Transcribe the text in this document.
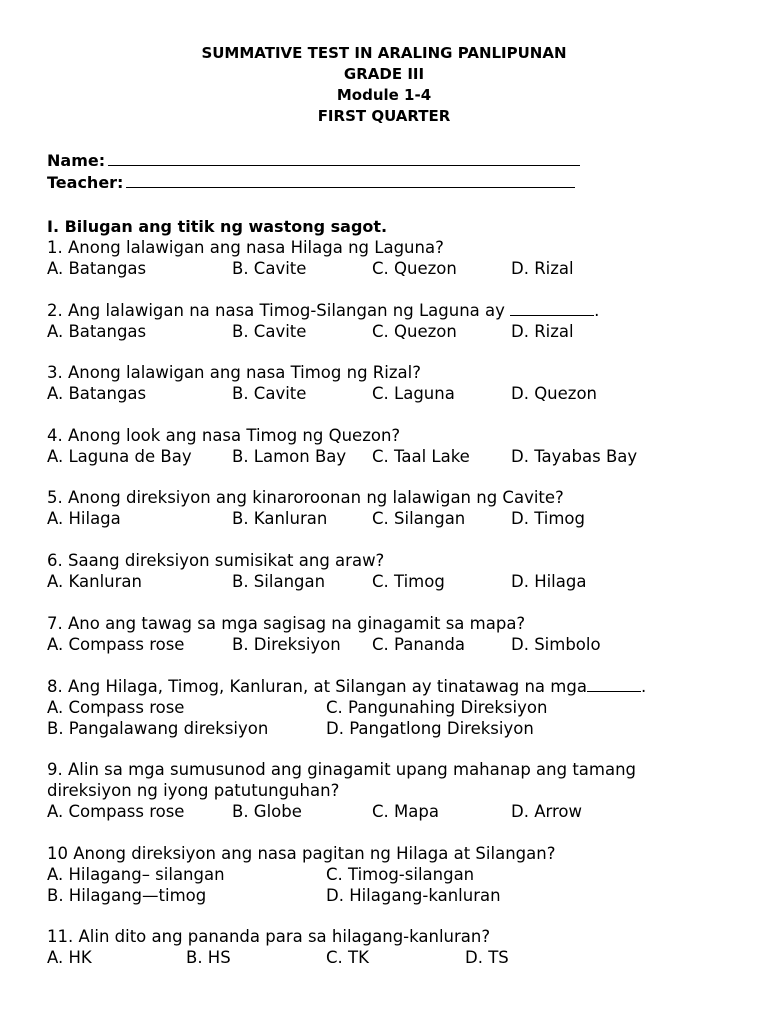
SUMMATIVE TEST IN ARALING PANLIPUNAN
GRADE III
Module 1-4
FIRST QUARTER
Name:
Teacher:
I. Bilugan ang titik ng wastong sagot.
1. Anong lalawigan ang nasa Hilaga ng Laguna?
A. Batangas	B. Cavite	C. Quezon	D. Rizal
2. Ang lalawigan na nasa Timog-Silangan ng Laguna ay	.
A. Batangas	B. Cavite	C. Quezon	D. Rizal
3. Anong lalawigan ang nasa Timog ng Rizal?
A. Batangas	B. Cavite	C. Laguna	D. Quezon
4. Anong look ang nasa Timog ng Quezon?
A. Laguna de Bay B. Lamon Bay C. Taal Lake D. Tayabas Bay
5. Anong direksiyon ang kinaroroonan ng lalawigan ng Cavite?
A. Hilaga	B. Kanluran	C. Silangan	D. Timog
6. Saang direksiyon sumisikat ang araw?
A. Kanluran	B. Silangan	C. Timog	D. Hilaga
7. Ano ang tawag sa mga sagisag na ginagamit sa mapa?
A. Compass rose	B. Direksiyon C. Pananda	D. Simbolo
8. Ang Hilaga, Timog, Kanluran, at Silangan ay tinatawag na mga	.
A. Compass rose	C. Pangunahing Direksiyon
B. Pangalawang direksiyon	D. Pangatlong Direksiyon
9. Alin sa mga sumusunod ang ginagamit upang mahanap ang tamang
direksiyon ng iyong patutunguhan?
A. Compass rose	B. Globe	C. Mapa	D. Arrow
10 Anong direksiyon ang nasa pagitan ng Hilaga at Silangan?
A. Hilagang– silangan	C. Timog-silangan
B. Hilagang—timog	D. Hilagang-kanluran
11. Alin dito ang pananda para sa hilagang-kanluran?
A. HK	B. HS	C. TK	D. TS
